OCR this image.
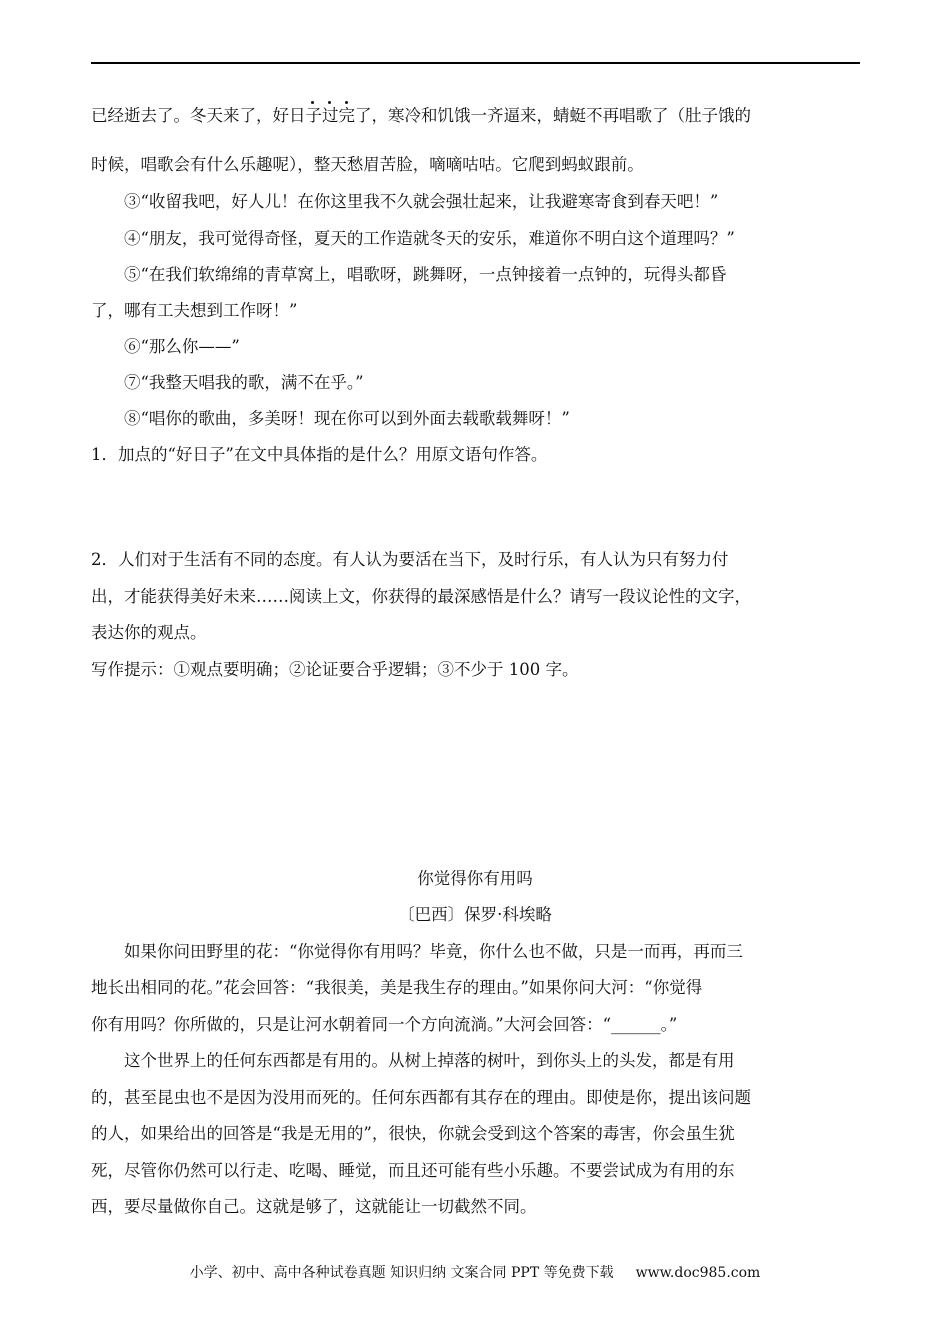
已经逝去了。冬天来了，好日子过完了，寒冷和饥饿一齐逼来，蜻蜓不再唱歌了（肚子饿的
时候，唱歌会有什么乐趣呢），整天愁眉苦脸，嘀嘀咕咕。它爬到蚂蚁跟前。
③“收留我吧，好人儿！在你这里我不久就会强壮起来，让我避寒寄食到春天吧！”
④“朋友，我可觉得奇怪，夏天的工作造就冬天的安乐，难道你不明白这个道理吗？”
⑤“在我们软绵绵的青草窝上，唱歌呀，跳舞呀，一点钟接着一点钟的，玩得头都昏
了，哪有工夫想到工作呀！”
⑥“那么你——”
⑦“我整天唱我的歌，满不在乎。”
⑧“唱你的歌曲，多美呀！现在你可以到外面去载歌载舞呀！”
1．加点的“好日子”在文中具体指的是什么？用原文语句作答。
2．人们对于生活有不同的态度。有人认为要活在当下，及时行乐，有人认为只有努力付
出，才能获得美好未来……阅读上文，你获得的最深感悟是什么？请写一段议论性的文字，
表达你的观点。
写作提示：①观点要明确；②论证要合乎逻辑；③不少于 100 字。
你觉得你有用吗
〔巴西〕保罗·科埃略
如果你问田野里的花：“你觉得你有用吗？毕竟，你什么也不做，只是一而再，再而三
地长出相同的花。”花会回答：“我很美，美是我生存的理由。”如果你问大河：“你觉得
你有用吗？你所做的，只是让河水朝着同一个方向流淌。”大河会回答：“______。”
这个世界上的任何东西都是有用的。从树上掉落的树叶，到你头上的头发，都是有用
的，甚至昆虫也不是因为没用而死的。任何东西都有其存在的理由。即使是你，提出该问题
的人，如果给出的回答是“我是无用的”，很快，你就会受到这个答案的毒害，你会虽生犹
死，尽管你仍然可以行走、吃喝、睡觉，而且还可能有些小乐趣。不要尝试成为有用的东
西，要尽量做你自己。这就是够了，这就能让一切截然不同。
小学、初中、高中各种试卷真题 知识归纳 文案合同 PPT 等免费下载 www.doc985.com
